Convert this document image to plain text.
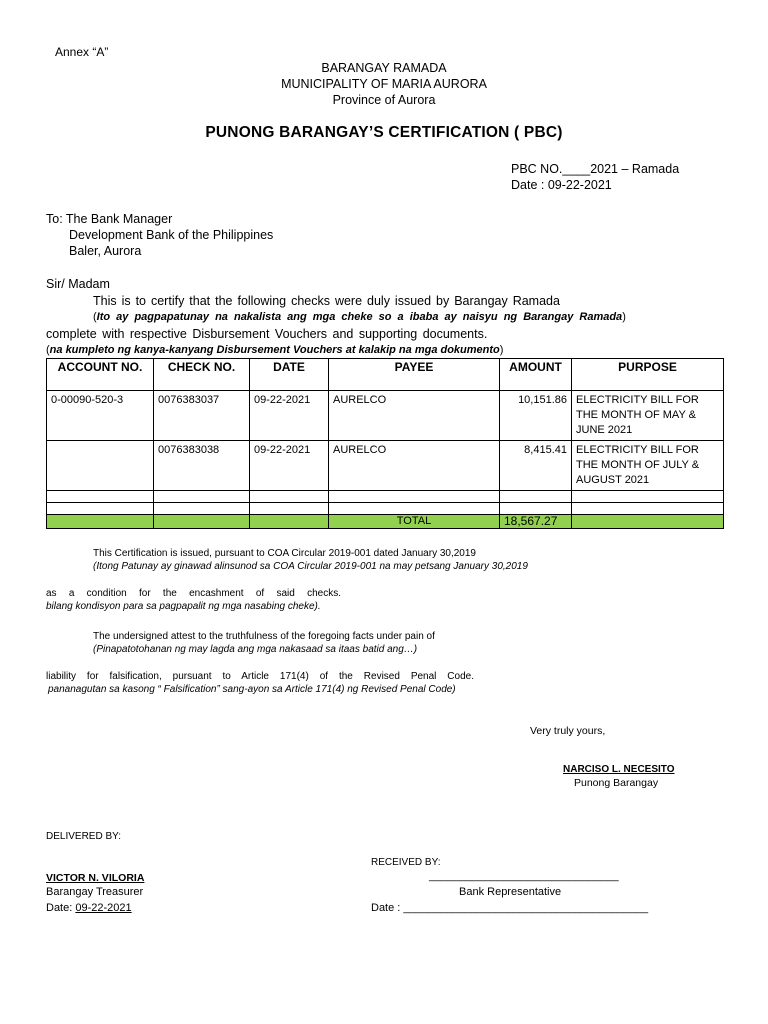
Annex “A”
BARANGAY RAMADA
MUNICIPALITY OF MARIA AURORA
Province of Aurora
PUNONG BARANGAY’S CERTIFICATION ( PBC)
PBC NO.____2021 – Ramada
Date : 09-22-2021
To: The Bank Manager
Development Bank of the Philippines
Baler, Aurora
Sir/ Madam
This is to certify that the following checks were duly issued by Barangay Ramada
(Ito ay pagpapatunay na nakalista ang mga cheke so a ibaba ay naisyu ng Barangay Ramada)
complete with respective Disbursement Vouchers and supporting documents.
(na kumpleto ng kanya-kanyang Disbursement Vouchers at kalakip na mga dokumento)
ACCOUNT NO.	CHECK NO.	DATE	PAYEE	AMOUNT	PURPOSE
0-00090-520-3	0076383037	09-22-2021	AURELCO	10,151.86	ELECTRICITY BILL FOR THE MONTH OF MAY & JUNE 2021
	0076383038	09-22-2021	AURELCO	8,415.41	ELECTRICITY BILL FOR THE MONTH OF JULY & AUGUST 2021

			TOTAL	18,567.27	
This Certification is issued, pursuant to COA Circular 2019-001 dated January 30,2019
(Itong Patunay ay ginawad alinsunod sa COA Circular 2019-001 na may petsang January 30,2019
as a condition for the encashment of said checks.
bilang kondisyon para sa pagpapalit ng mga nasabing cheke).
The undersigned attest to the truthfulness of the foregoing facts under pain of
(Pinapatotohanan ng may lagda ang mga nakasaad sa itaas batid ang…)
liability for falsification, pursuant to Article 171(4) of the Revised Penal Code.
pananagutan sa kasong “ Falsification” sang-ayon sa Article 171(4) ng Revised Penal Code)
Very truly yours,
NARCISO L. NECESITO
Punong Barangay
DELIVERED BY:
VICTOR N. VILORIA
Barangay Treasurer
Date: 09-22-2021
RECEIVED BY:
_______________________________
Bank Representative
Date : ________________________________________
